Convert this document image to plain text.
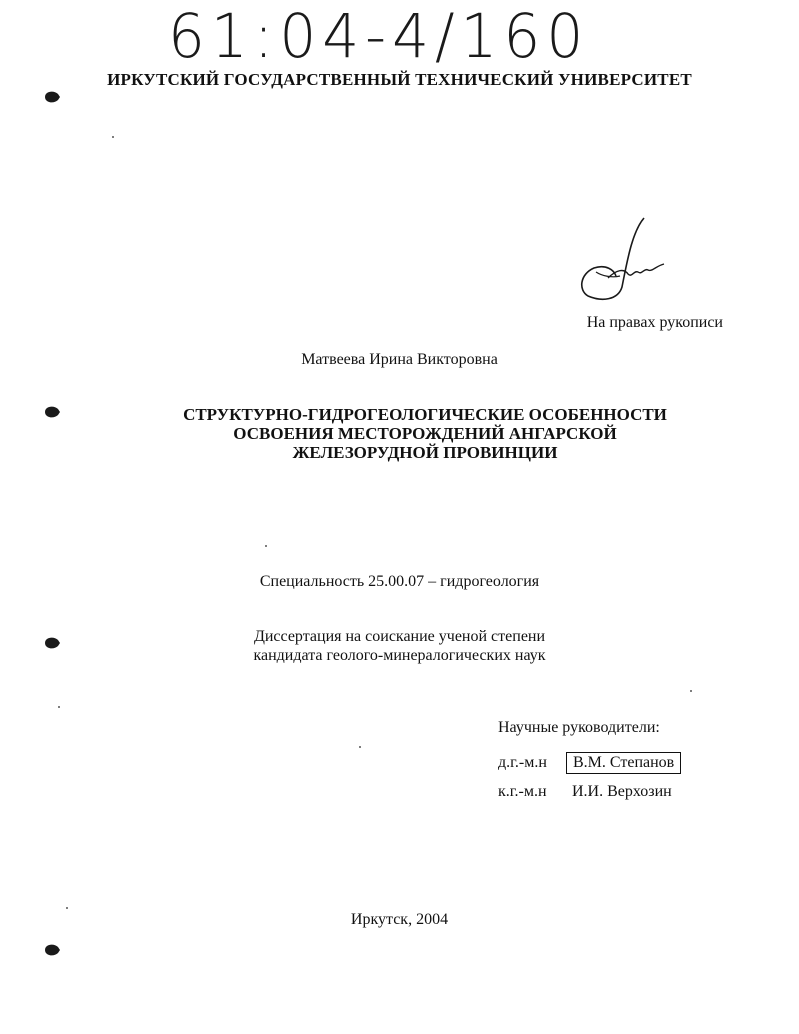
61:04-4/160
ИРКУТСКИЙ ГОСУДАРСТВЕННЫЙ ТЕХНИЧЕСКИЙ УНИВЕРСИТЕТ
На правах рукописи
Матвеева Ирина Викторовна
СТРУКТУРНО-ГИДРОГЕОЛОГИЧЕСКИЕ ОСОБЕННОСТИ
ОСВОЕНИЯ МЕСТОРОЖДЕНИЙ АНГАРСКОЙ
ЖЕЛЕЗОРУДНОЙ ПРОВИНЦИИ
Специальность 25.00.07 – гидрогеология
Диссертация на соискание ученой степени
кандидата геолого-минералогических наук
Научные руководители:
д.г.-м.н В.М. Степанов
к.г.-м.н И.И. Верхозин
Иркутск, 2004
